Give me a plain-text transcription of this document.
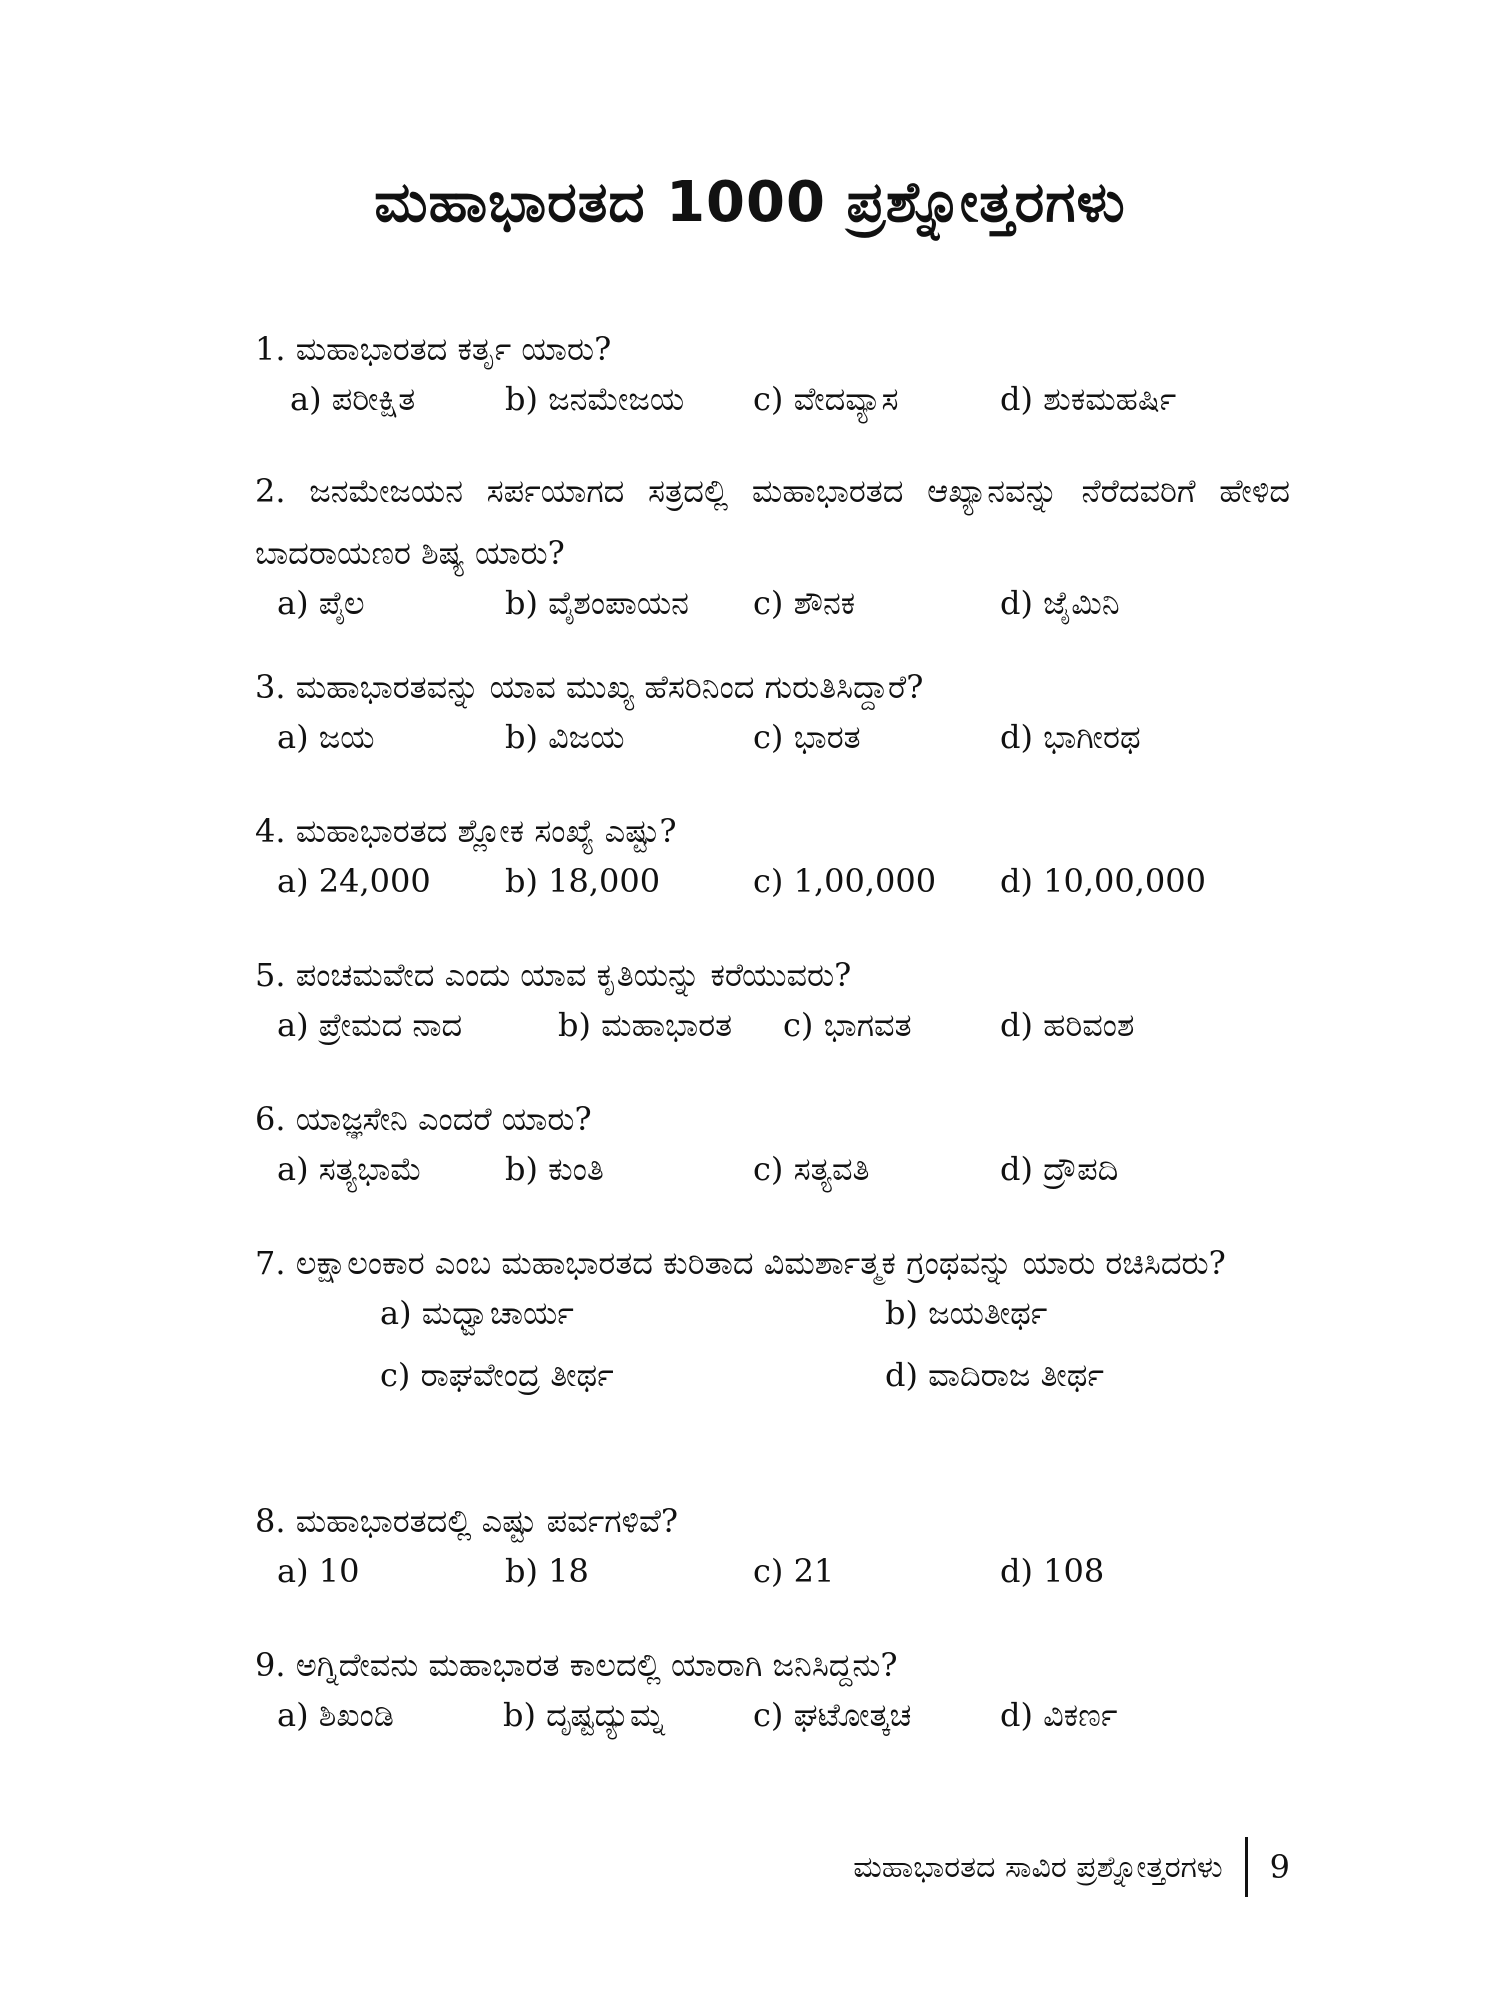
ಮಹಾಭಾರತದ 1000 ಪ್ರಶ್ನೋತ್ತರಗಳು
1. ಮಹಾಭಾರತದ ಕರ್ತೃ ಯಾರು?
a) ಪರೀಕ್ಷಿತ	b) ಜನಮೇಜಯ c) ವೇದವ್ಯಾಸ	d) ಶುಕಮಹರ್ಷಿ
2. ಜನಮೇಜಯನ ಸರ್ಪಯಾಗದ ಸತ್ರದಲ್ಲಿ ಮಹಾಭಾರತದ ಆಖ್ಯಾನವನ್ನು ನೆರೆದವರಿಗೆ ಹೇಳಿದ ಬಾದರಾಯಣರ ಶಿಷ್ಯ ಯಾರು?
a) ಪೈಲ	b) ವೈಶಂಪಾಯನ c) ಶೌನಕ	d) ಜೈಮಿನಿ
3. ಮಹಾಭಾರತವನ್ನು ಯಾವ ಮುಖ್ಯ ಹೆಸರಿನಿಂದ ಗುರುತಿಸಿದ್ದಾರೆ?
a) ಜಯ	b) ವಿಜಯ	c) ಭಾರತ	d) ಭಾಗೀರಥ
4. ಮಹಾಭಾರತದ ಶ್ಲೋಕ ಸಂಖ್ಯೆ ಎಷ್ಟು?
a) 24,000 b) 18,000	c) 1,00,000 d) 10,00,000
5. ಪಂಚಮವೇದ ಎಂದು ಯಾವ ಕೃತಿಯನ್ನು ಕರೆಯುವರು?
a) ಪ್ರೇಮದ ನಾದ	b) ಮಹಾಭಾರತ c) ಭಾಗವತ	d) ಹರಿವಂಶ
6. ಯಾಜ್ಞಸೇನಿ ಎಂದರೆ ಯಾರು?
a) ಸತ್ಯಭಾಮೆ	b) ಕುಂತಿ	c) ಸತ್ಯವತಿ	d) ದ್ರೌಪದಿ
7. ಲಕ್ಷಾಲಂಕಾರ ಎಂಬ ಮಹಾಭಾರತದ ಕುರಿತಾದ ವಿಮರ್ಶಾತ್ಮಕ ಗ್ರಂಥವನ್ನು ಯಾರು ರಚಿಸಿದರು?
a) ಮಧ್ವಾಚಾರ್ಯ	b) ಜಯತೀರ್ಥ
c) ರಾಘವೇಂದ್ರ ತೀರ್ಥ	d) ವಾದಿರಾಜ ತೀರ್ಥ
8. ಮಹಾಭಾರತದಲ್ಲಿ ಎಷ್ಟು ಪರ್ವಗಳಿವೆ?
a) 10	b) 18	c) 21	d) 108
9. ಅಗ್ನಿದೇವನು ಮಹಾಭಾರತ ಕಾಲದಲ್ಲಿ ಯಾರಾಗಿ ಜನಿಸಿದ್ದನು?
a) ಶಿಖಂಡಿ	b) ದೃಷ್ಟದ್ಯುಮ್ನ	c) ಘಟೋತ್ಕಚ	d) ವಿಕರ್ಣ
ಮಹಾಭಾರತದ ಸಾವಿರ ಪ್ರಶ್ನೋತ್ತರಗಳು 9
